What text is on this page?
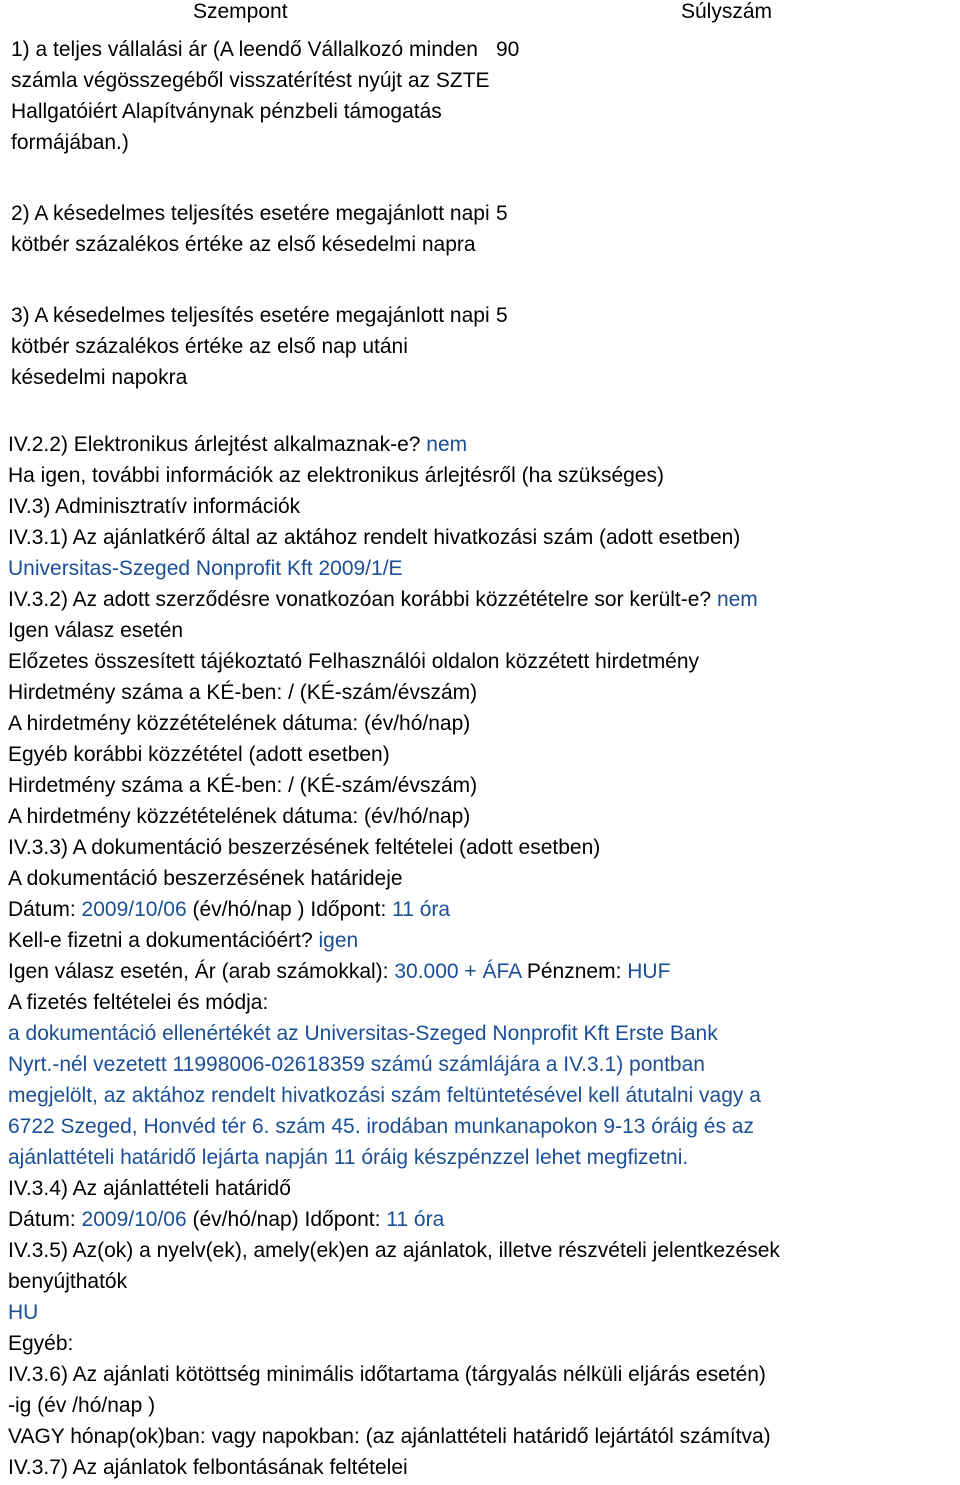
Szempont	Súlyszám
1) a teljes vállalási ár (A leendő Vállalkozó minden számla végösszegéből visszatérítést nyújt az SZTE Hallgatóiért Alapítványnak pénzbeli támogatás formájában.)
90
2) A késedelmes teljesítés esetére megajánlott napi kötbér százalékos értéke az első késedelmi napra
5
3) A késedelmes teljesítés esetére megajánlott napi kötbér százalékos értéke az első nap utáni késedelmi napokra
5
IV.2.2) Elektronikus árlejtést alkalmaznak-e? nem
Ha igen, további információk az elektronikus árlejtésről (ha szükséges)
IV.3) Adminisztratív információk
IV.3.1) Az ajánlatkérő által az aktához rendelt hivatkozási szám (adott esetben)
Universitas-Szeged Nonprofit Kft 2009/1/E
IV.3.2) Az adott szerződésre vonatkozóan korábbi közzétételre sor került-e? nem
Igen válasz esetén
Előzetes összesített tájékoztató Felhasználói oldalon közzétett hirdetmény
Hirdetmény száma a KÉ-ben: / (KÉ-szám/évszám)
A hirdetmény közzétételének dátuma: (év/hó/nap)
Egyéb korábbi közzététel (adott esetben)
Hirdetmény száma a KÉ-ben: / (KÉ-szám/évszám)
A hirdetmény közzétételének dátuma: (év/hó/nap)
IV.3.3) A dokumentáció beszerzésének feltételei (adott esetben)
A dokumentáció beszerzésének határideje
Dátum: 2009/10/06 (év/hó/nap ) Időpont: 11 óra
Kell-e fizetni a dokumentációért? igen
Igen válasz esetén, Ár (arab számokkal): 30.000 + ÁFA Pénznem: HUF
A fizetés feltételei és módja:
a dokumentáció ellenértékét az Universitas-Szeged Nonprofit Kft Erste Bank
Nyrt.-nél vezetett 11998006-02618359 számú számlájára a IV.3.1) pontban
megjelölt, az aktához rendelt hivatkozási szám feltüntetésével kell átutalni vagy a
6722 Szeged, Honvéd tér 6. szám 45. irodában munkanapokon 9-13 óráig és az
ajánlattételi határidő lejárta napján 11 óráig készpénzzel lehet megfizetni.
IV.3.4) Az ajánlattételi határidő
Dátum: 2009/10/06 (év/hó/nap) Időpont: 11 óra
IV.3.5) Az(ok) a nyelv(ek), amely(ek)en az ajánlatok, illetve részvételi jelentkezések
benyújthatók
HU
Egyéb:
IV.3.6) Az ajánlati kötöttség minimális időtartama (tárgyalás nélküli eljárás esetén)
-ig (év /hó/nap )
VAGY hónap(ok)ban: vagy napokban: (az ajánlattételi határidő lejártától számítva)
IV.3.7) Az ajánlatok felbontásának feltételei
